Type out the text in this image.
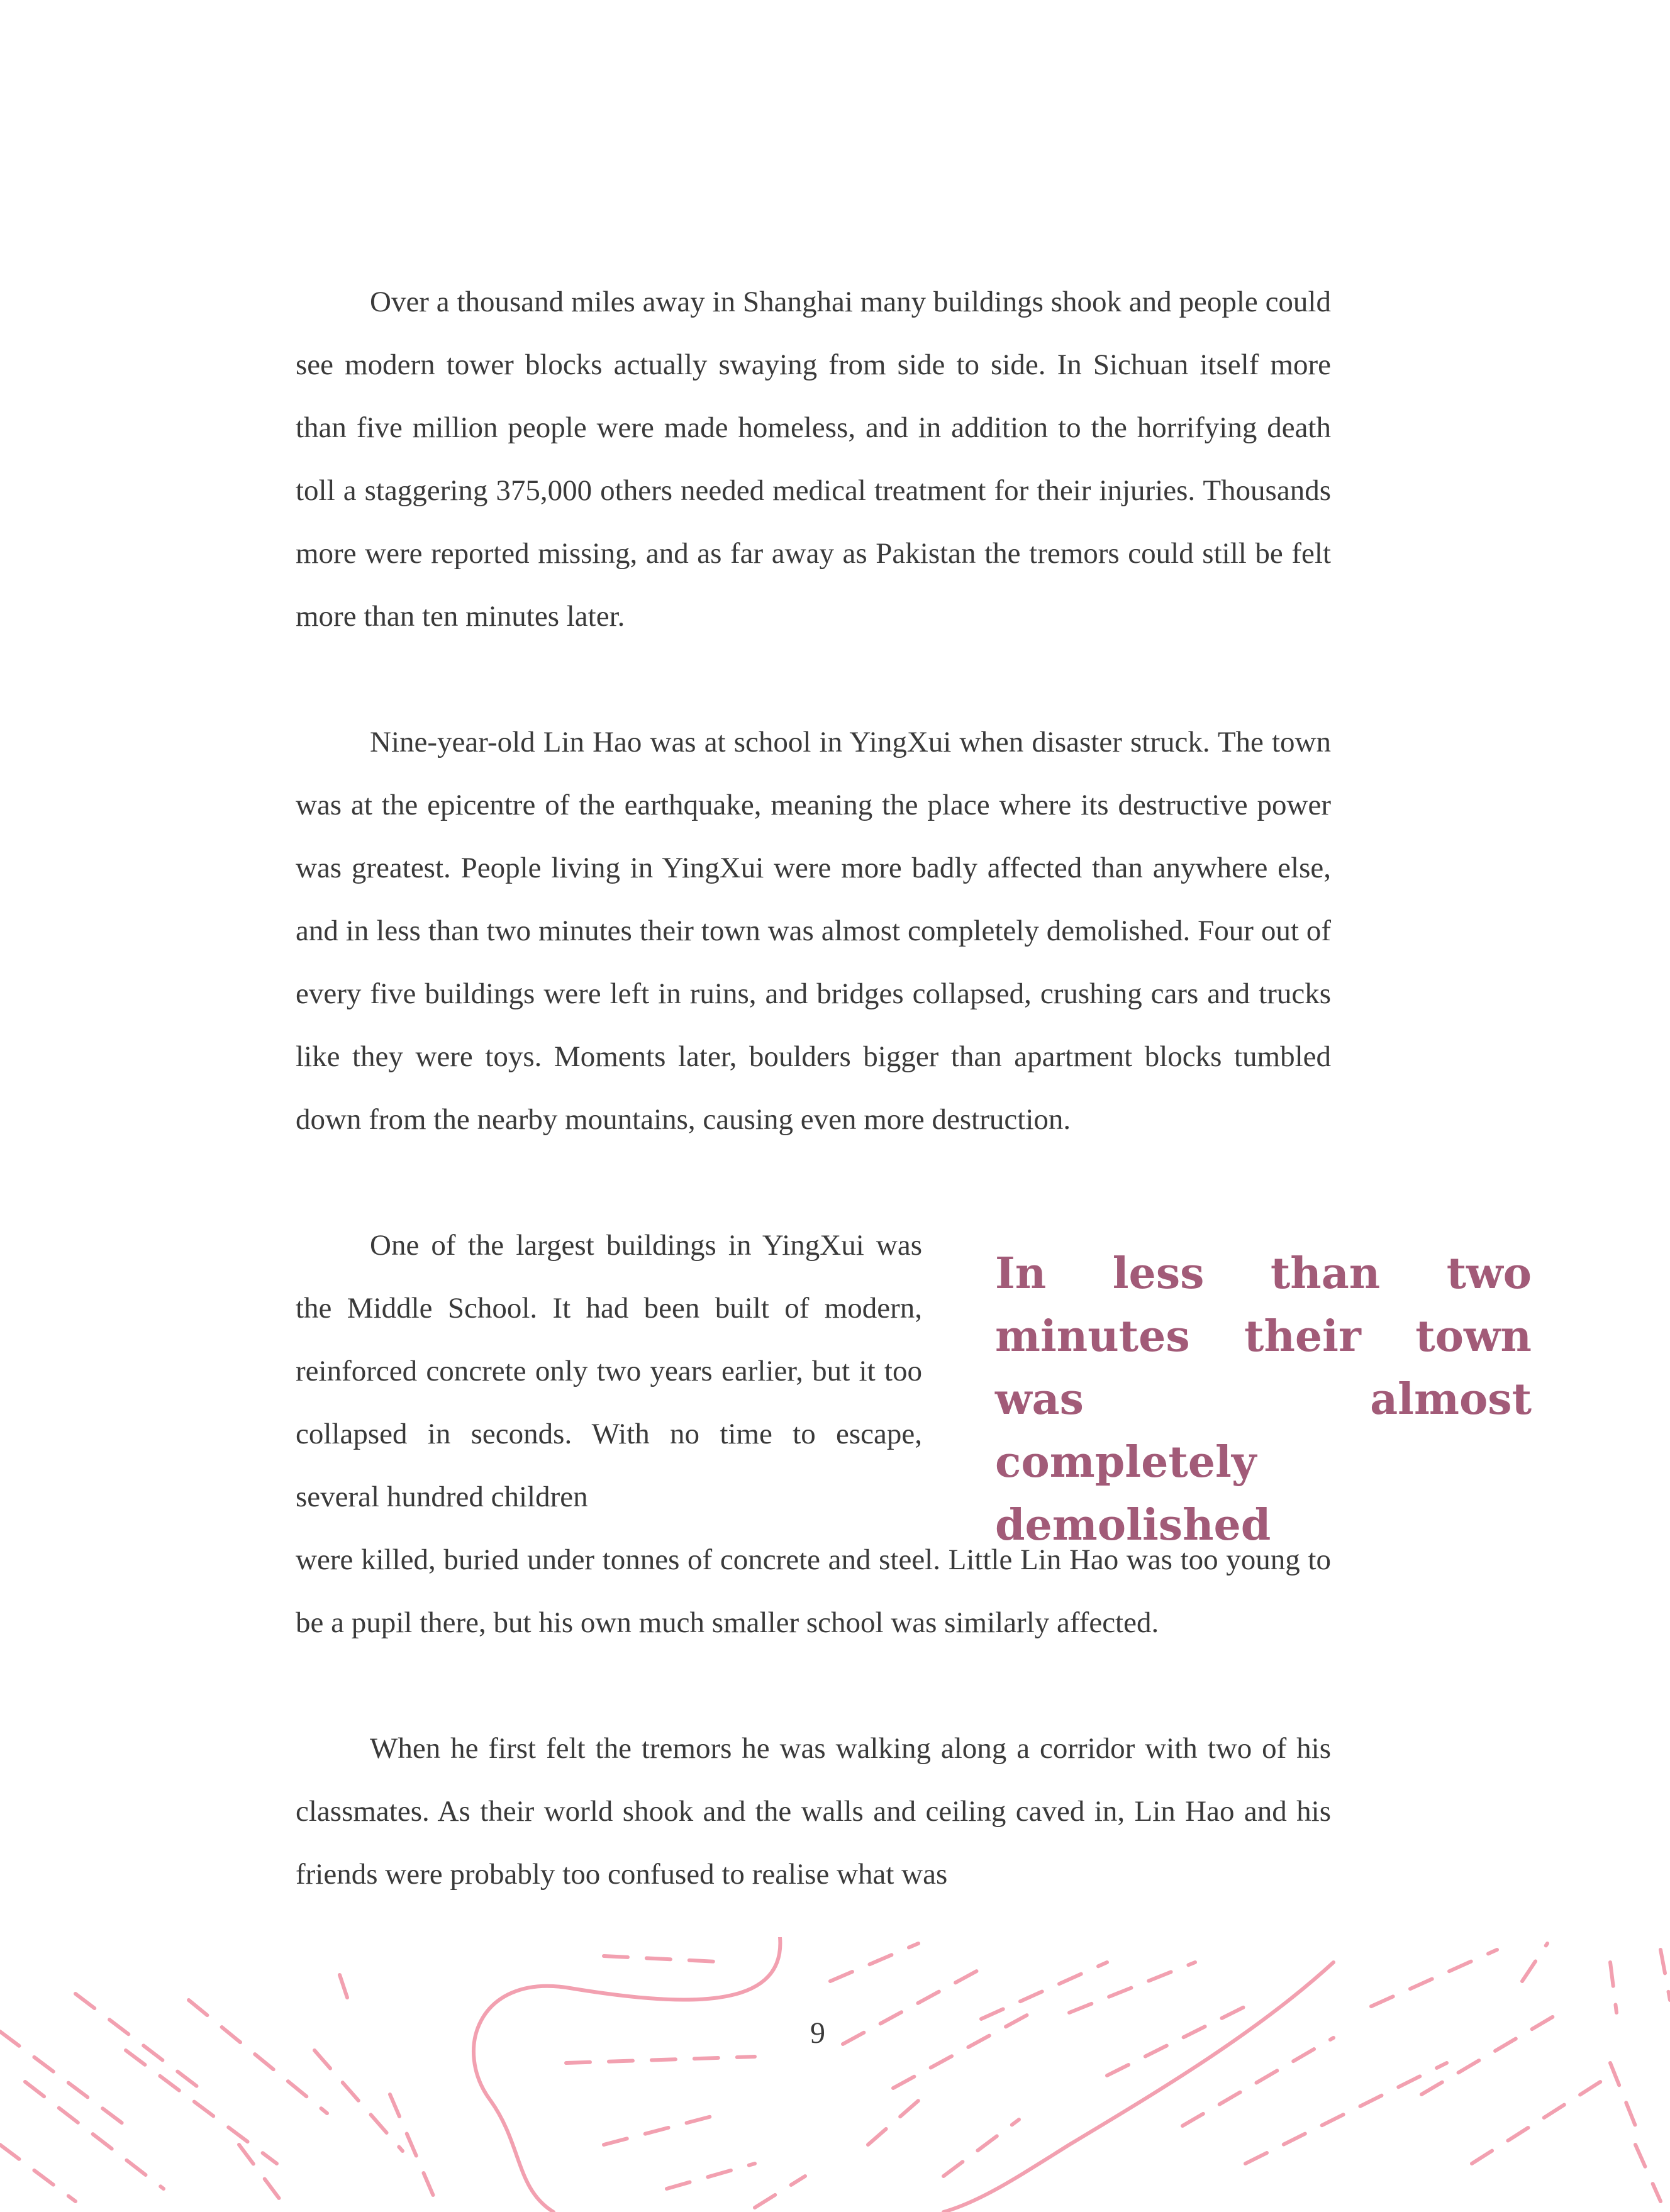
Over a thousand miles away in Shanghai many buildings shook and people could see modern tower blocks actually swaying from side to side. In Sichuan itself more than five million people were made homeless, and in addition to the horrifying death toll a staggering 375,000 others needed medical treatment for their injuries. Thousands more were reported missing, and as far away as Pakistan the tremors could still be felt more than ten minutes later.

Nine-year-old Lin Hao was at school in YingXui when disaster struck. The town was at the epicentre of the earthquake, meaning the place where its destructive power was greatest. People living in YingXui were more badly affected than anywhere else, and in less than two minutes their town was almost completely demolished. Four out of every five buildings were left in ruins, and bridges collapsed, crushing cars and trucks like they were toys. Moments later, boulders bigger than apartment blocks tumbled down from the nearby mountains, causing even more destruction.

One of the largest buildings in YingXui was the Middle School. It had been built of modern, reinforced concrete only two years earlier, but it too collapsed in seconds. With no time to escape, several hundred children

were killed, buried under tonnes of concrete and steel. Little Lin Hao was too young to be a pupil there, but his own much smaller school was similarly affected.

When he first felt the tremors he was walking along a corridor with two of his classmates. As their world shook and the walls and ceiling caved in, Lin Hao and his friends were probably too confused to realise what was

In less than two minutes their town was almost completely demolished

9
